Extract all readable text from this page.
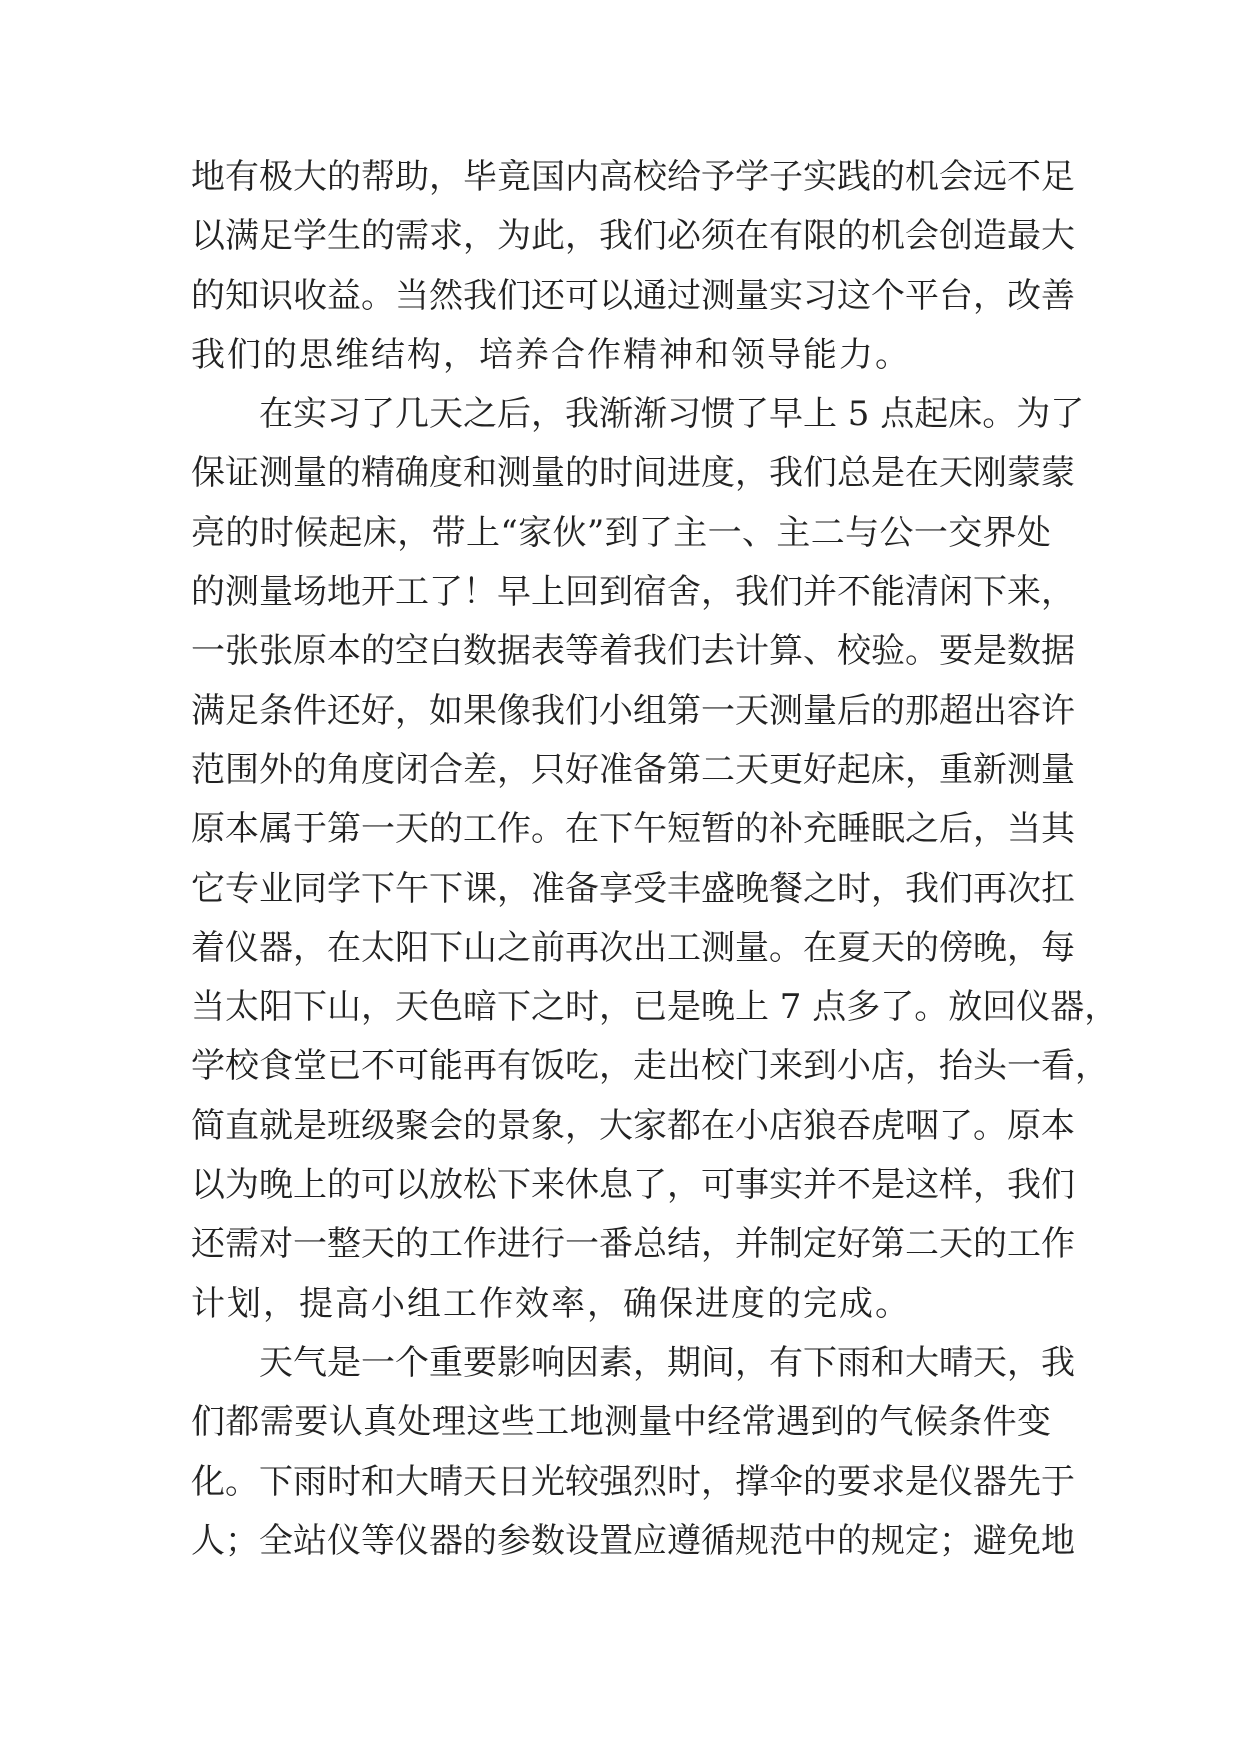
地有极大的帮助，毕竟国内高校给予学子实践的机会远不足
以满足学生的需求，为此，我们必须在有限的机会创造最大
的知识收益。当然我们还可以通过测量实习这个平台，改善
我们的思维结构，培养合作精神和领导能力。
在实习了几天之后，我渐渐习惯了早上 5 点起床。为了
保证测量的精确度和测量的时间进度，我们总是在天刚蒙蒙
亮的时候起床，带上“家伙”到了主一、主二与公一交界处
的测量场地开工了！早上回到宿舍，我们并不能清闲下来，
一张张原本的空白数据表等着我们去计算、校验。要是数据
满足条件还好，如果像我们小组第一天测量后的那超出容许
范围外的角度闭合差，只好准备第二天更好起床，重新测量
原本属于第一天的工作。在下午短暂的补充睡眠之后，当其
它专业同学下午下课，准备享受丰盛晚餐之时，我们再次扛
着仪器，在太阳下山之前再次出工测量。在夏天的傍晚，每
当太阳下山，天色暗下之时，已是晚上 7 点多了。放回仪器，
学校食堂已不可能再有饭吃，走出校门来到小店，抬头一看，
简直就是班级聚会的景象，大家都在小店狼吞虎咽了。原本
以为晚上的可以放松下来休息了，可事实并不是这样，我们
还需对一整天的工作进行一番总结，并制定好第二天的工作
计划，提高小组工作效率，确保进度的完成。
天气是一个重要影响因素，期间，有下雨和大晴天，我
们都需要认真处理这些工地测量中经常遇到的气候条件变
化。下雨时和大晴天日光较强烈时，撑伞的要求是仪器先于
人；全站仪等仪器的参数设置应遵循规范中的规定；避免地
